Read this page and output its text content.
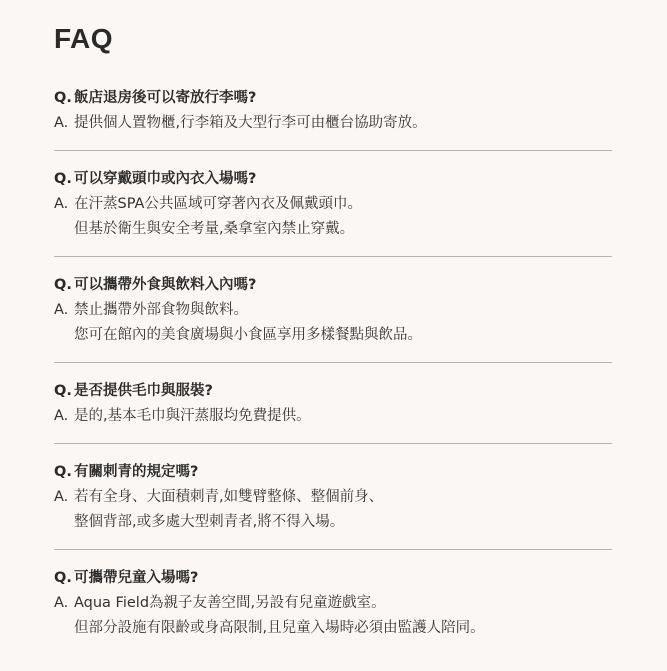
FAQ
Q. 飯店退房後可以寄放行李嗎?
A. 提供個人置物櫃,行李箱及大型行李可由櫃台協助寄放。
Q. 可以穿戴頭巾或內衣入場嗎?
A. 在汗蒸SPA公共區域可穿著內衣及佩戴頭巾。
但基於衛生與安全考量,桑拿室內禁止穿戴。
Q. 可以攜帶外食與飲料入內嗎?
A. 禁止攜帶外部食物與飲料。
您可在館內的美食廣場與小食區享用多樣餐點與飲品。
Q. 是否提供毛巾與服裝?
A. 是的,基本毛巾與汗蒸服均免費提供。
Q. 有關刺青的規定嗎?
A. 若有全身、大面積刺青,如雙臂整條、整個前身、
整個背部,或多處大型刺青者,將不得入場。
Q. 可攜帶兒童入場嗎?
A. Aqua Field為親子友善空間,另設有兒童遊戲室。
但部分設施有限齡或身高限制,且兒童入場時必須由監護人陪同。
